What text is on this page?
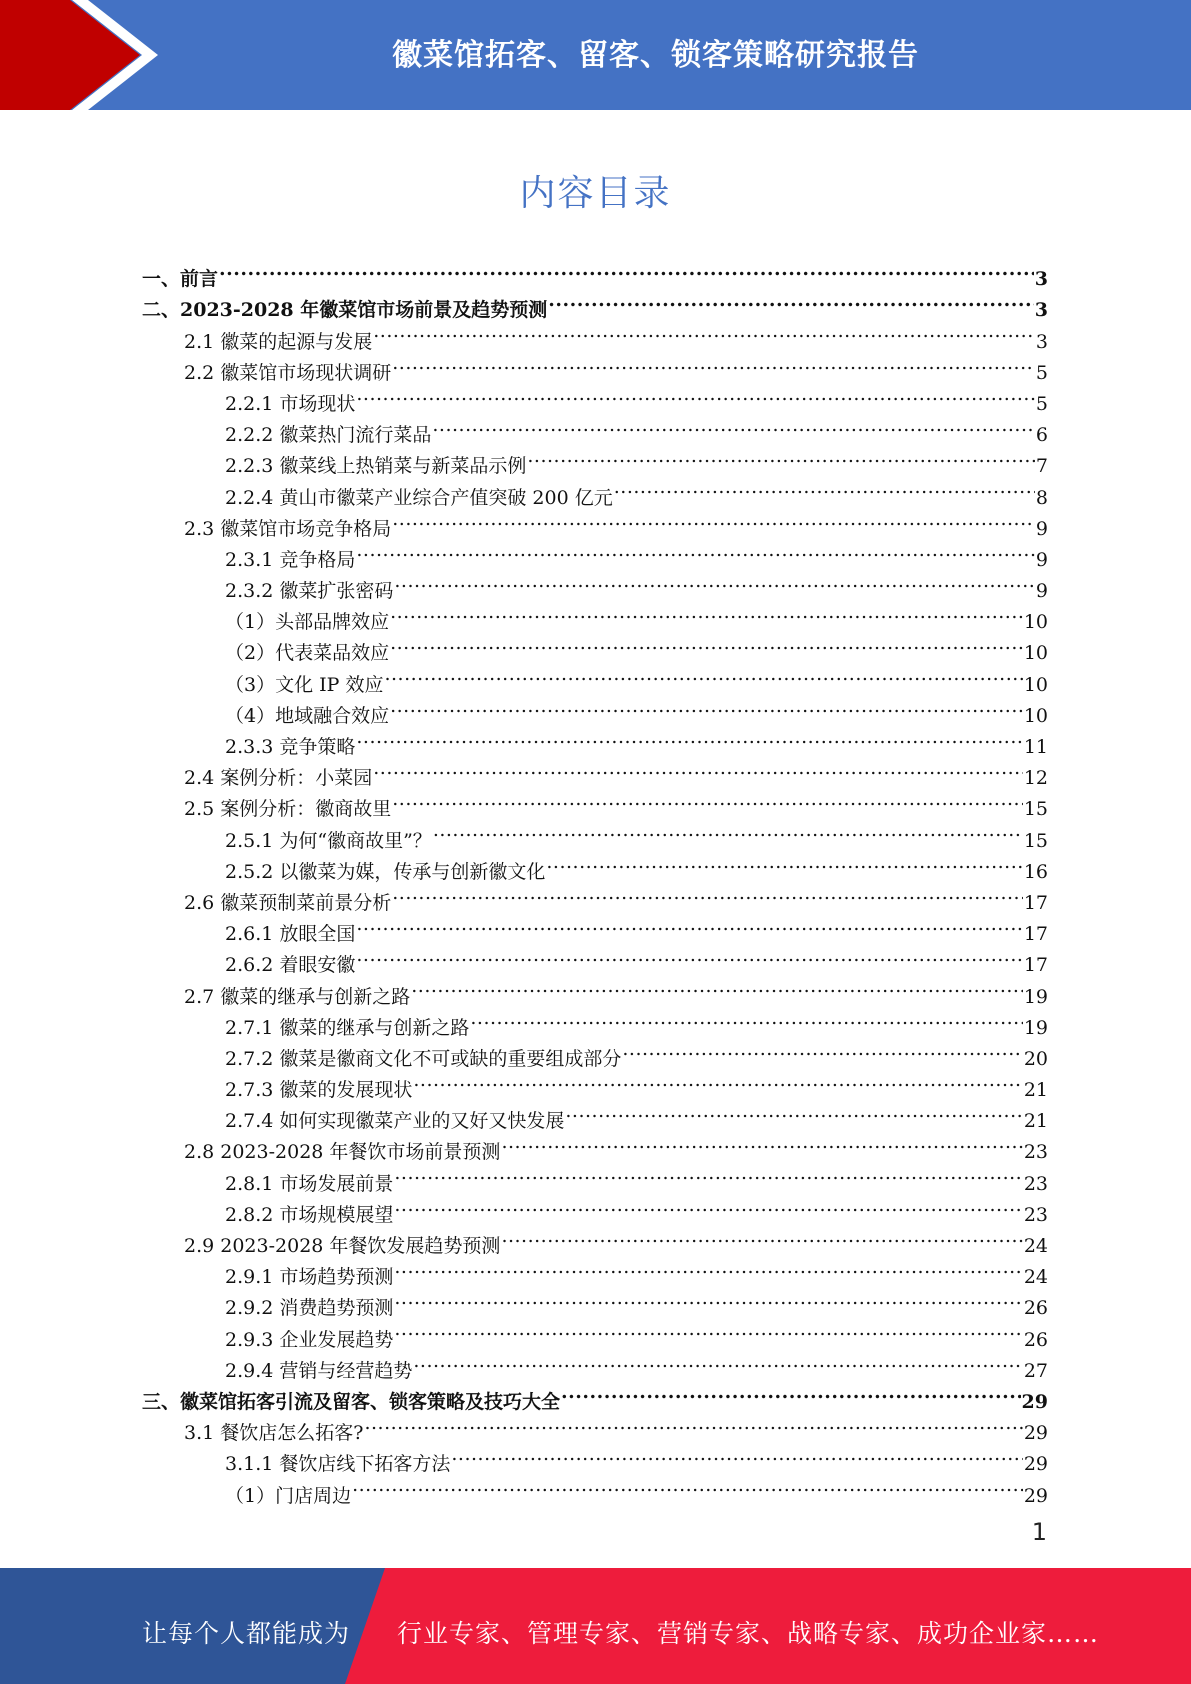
徽菜馆拓客、留客、锁客策略研究报告
内容目录
一、前言 .....	3
二、2023-2028 年徽菜馆市场前景及趋势预测 .....	3
2.1 徽菜的起源与发展 .....	3
2.2 徽菜馆市场现状调研 .....	5
2.2.1 市场现状 .....	5
2.2.2 徽菜热门流行菜品 .....	6
2.2.3 徽菜线上热销菜与新菜品示例 .....	7
2.2.4 黄山市徽菜产业综合产值突破 200 亿元 .....	8
2.3 徽菜馆市场竞争格局 .....	9
2.3.1 竞争格局 .....	9
2.3.2 徽菜扩张密码 .....	9
（1）头部品牌效应 .....	10
（2）代表菜品效应 .....	10
（3）文化 IP 效应 .....	10
（4）地域融合效应 .....	10
2.3.3 竞争策略 .....	11
2.4 案例分析：小菜园 .....	12
2.5 案例分析：徽商故里 .....	15
2.5.1 为何“徽商故里”？ .....	15
2.5.2 以徽菜为媒，传承与创新徽文化 .....	16
2.6 徽菜预制菜前景分析 .....	17
2.6.1 放眼全国 .....	17
2.6.2 着眼安徽 .....	17
2.7 徽菜的继承与创新之路 .....	19
2.7.1 徽菜的继承与创新之路 .....	19
2.7.2 徽菜是徽商文化不可或缺的重要组成部分 .....	20
2.7.3 徽菜的发展现状 .....	21
2.7.4 如何实现徽菜产业的又好又快发展 .....	21
2.8 2023-2028 年餐饮市场前景预测 .....	23
2.8.1 市场发展前景 .....	23
2.8.2 市场规模展望 .....	23
2.9 2023-2028 年餐饮发展趋势预测 .....	24
2.9.1 市场趋势预测 .....	24
2.9.2 消费趋势预测 .....	26
2.9.3 企业发展趋势 .....	26
2.9.4 营销与经营趋势 .....	27
三、徽菜馆拓客引流及留客、锁客策略及技巧大全 .....	29
3.1 餐饮店怎么拓客? .....	29
3.1.1 餐饮店线下拓客方法 .....	29
（1）门店周边 .....	29
1
让每个人都能成为 行业专家、管理专家、营销专家、战略专家、成功企业家……
